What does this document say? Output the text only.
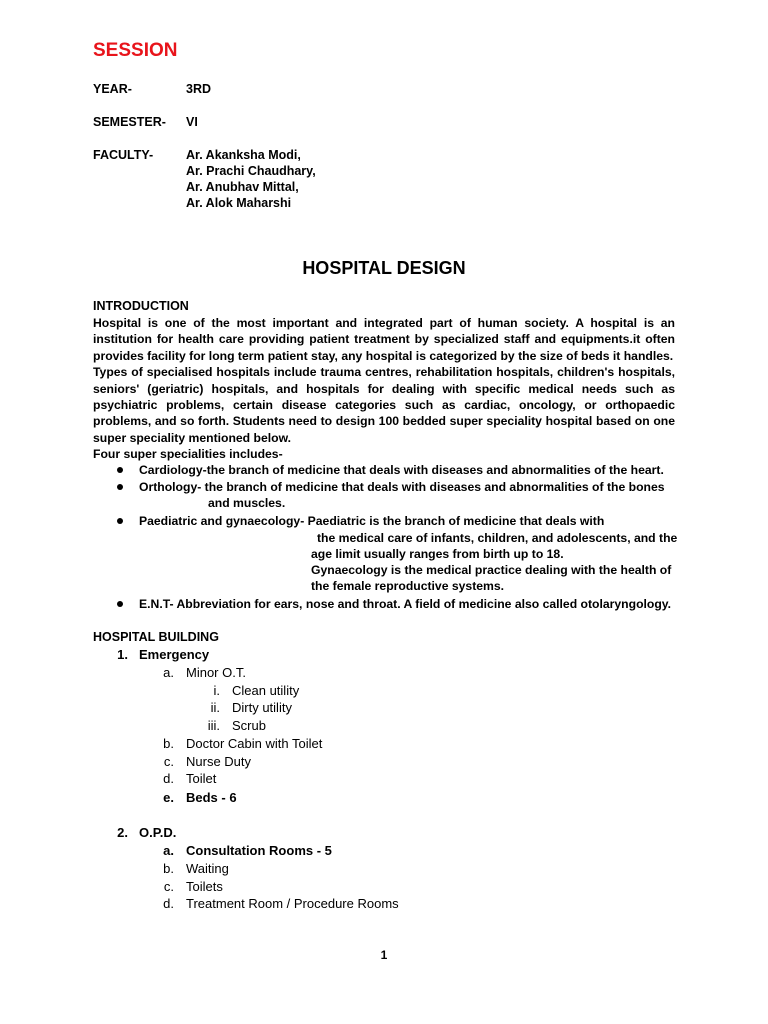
SESSION
YEAR-	3RD
SEMESTER- VI
FACULTY-	Ar. Akanksha Modi,
Ar. Prachi Chaudhary,
Ar. Anubhav Mittal,
Ar. Alok Maharshi
HOSPITAL DESIGN
INTRODUCTION

Hospital is one of the most important and integrated part of human society. A hospital is an institution for health care providing patient treatment by specialized staff and equipments.it often provides facility for long term patient stay, any hospital is categorized by the size of beds it handles.

Types of specialised hospitals include trauma centres, rehabilitation hospitals, children's hospitals, seniors' (geriatric) hospitals, and hospitals for dealing with specific medical needs such as psychiatric problems, certain disease categories such as cardiac, oncology, or orthopaedic problems, and so forth. Students need to design 100 bedded super speciality hospital based on one super speciality mentioned below.

Four super specialities includes-

Cardiology-the branch of medicine that deals with diseases and abnormalities of the heart.
Orthology- the branch of medicine that deals with diseases and abnormalities of the bones
and muscles.
Paediatric and gynaecology- Paediatric is the branch of medicine that deals with
the medical care of infants, children, and adolescents, and the
age limit usually ranges from birth up to 18.
Gynaecology is the medical practice dealing with the health of
the female reproductive systems.
E.N.T- Abbreviation for ears, nose and throat. A field of medicine also called otolaryngology.
HOSPITAL BUILDING
1. Emergency
a. Minor O.T.
i. Clean utility
ii. Dirty utility
iii. Scrub
b. Doctor Cabin with Toilet
c. Nurse Duty
d. Toilet
e. Beds - 6
2. O.P.D.
a. Consultation Rooms - 5
b. Waiting
c. Toilets
d. Treatment Room / Procedure Rooms
1
